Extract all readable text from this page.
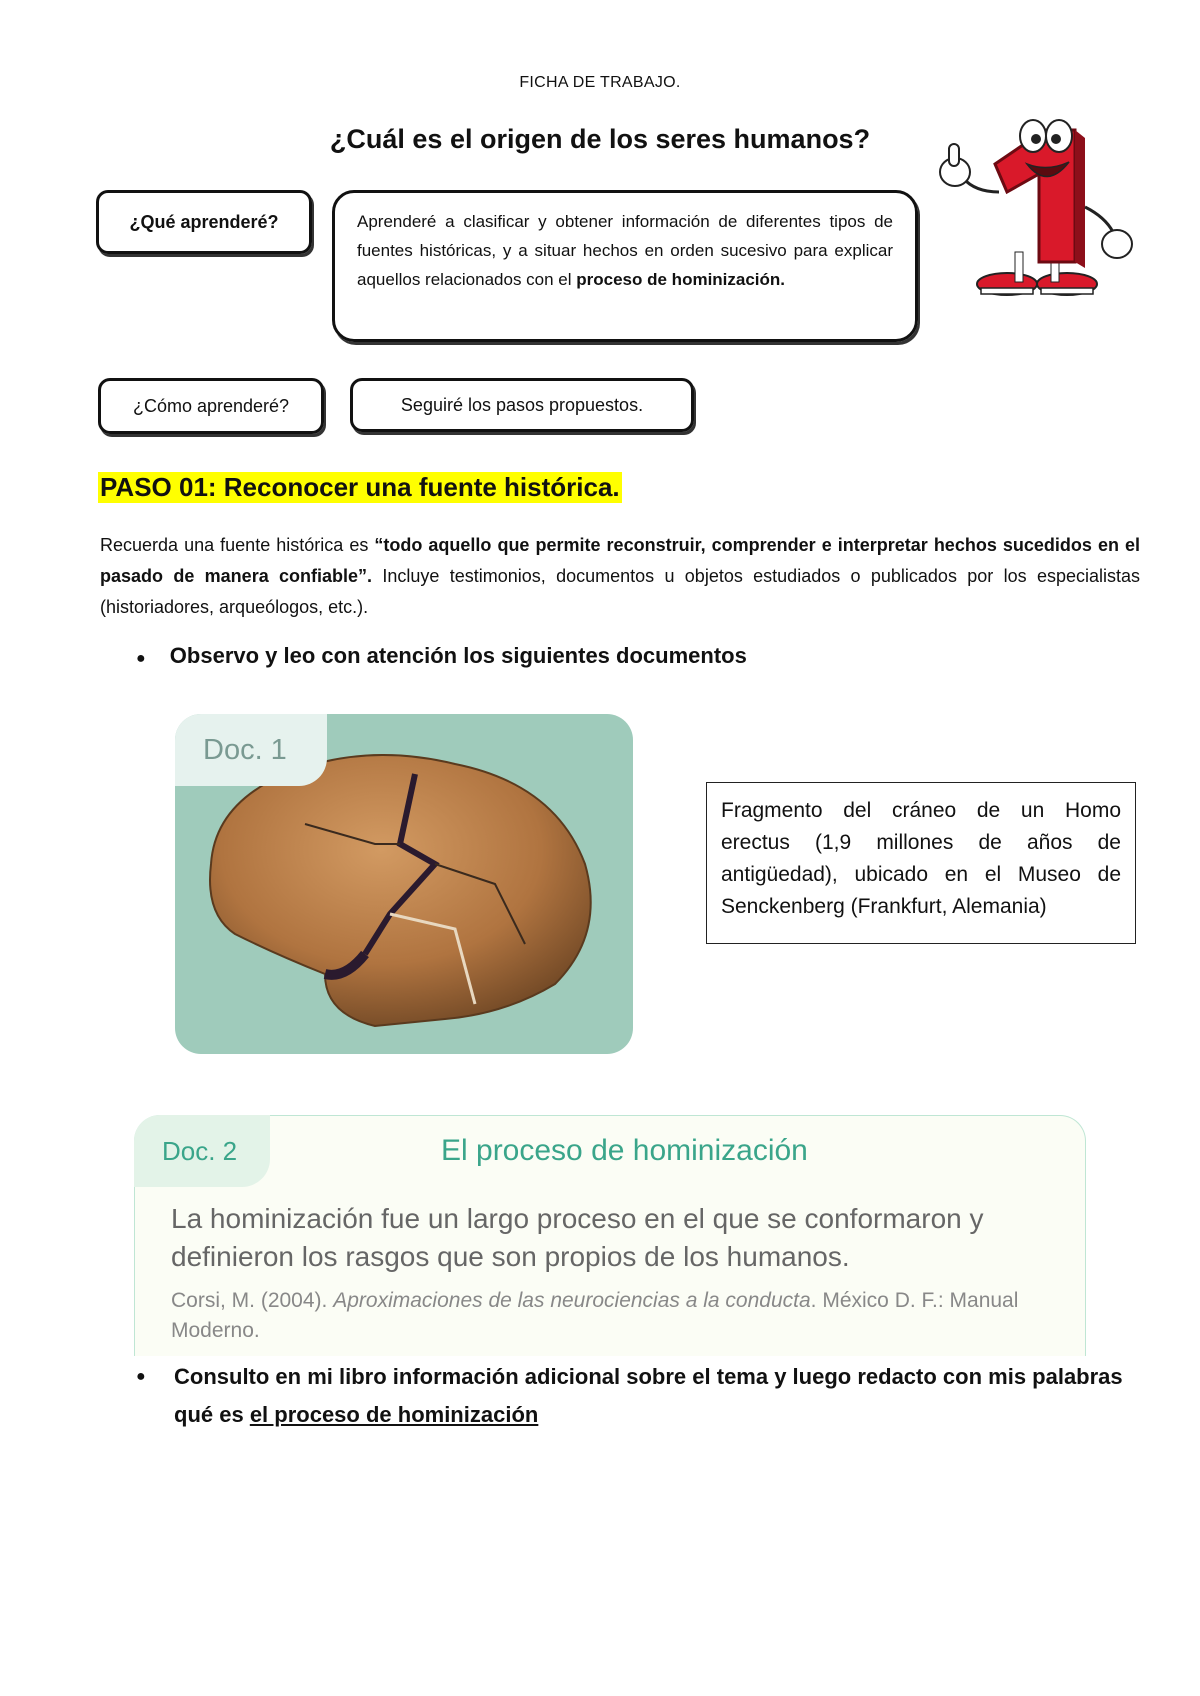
FICHA DE TRABAJO.
¿Cuál es el origen de los seres humanos?
¿Qué aprenderé?	Aprenderé a clasificar y obtener información de diferentes tipos de fuentes históricas, y a situar hechos en orden sucesivo para explicar aquellos relacionados con el proceso de hominización.
¿Cómo aprenderé?	Seguiré los pasos propuestos.
PASO 01: Reconocer una fuente histórica.
Recuerda una fuente histórica es “todo aquello que permite reconstruir, comprender e interpretar hechos sucedidos en el pasado de manera confiable”. Incluye testimonios, documentos u objetos estudiados o publicados por los especialistas (historiadores, arqueólogos, etc.).
● Observo y leo con atención los siguientes documentos
Doc. 1
Fragmento del cráneo de un Homo erectus (1,9 millones de años de antigüedad), ubicado en el Museo de Senckenberg (Frankfurt, Alemania)
Doc. 2	El proceso de hominización
La hominización fue un largo proceso en el que se conformaron y definieron los rasgos que son propios de los humanos.
Corsi, M. (2004). Aproximaciones de las neurociencias a la conducta. México D. F.: Manual Moderno.
● Consulto en mi libro información adicional sobre el tema y luego redacto con mis palabras qué es el proceso de hominización
